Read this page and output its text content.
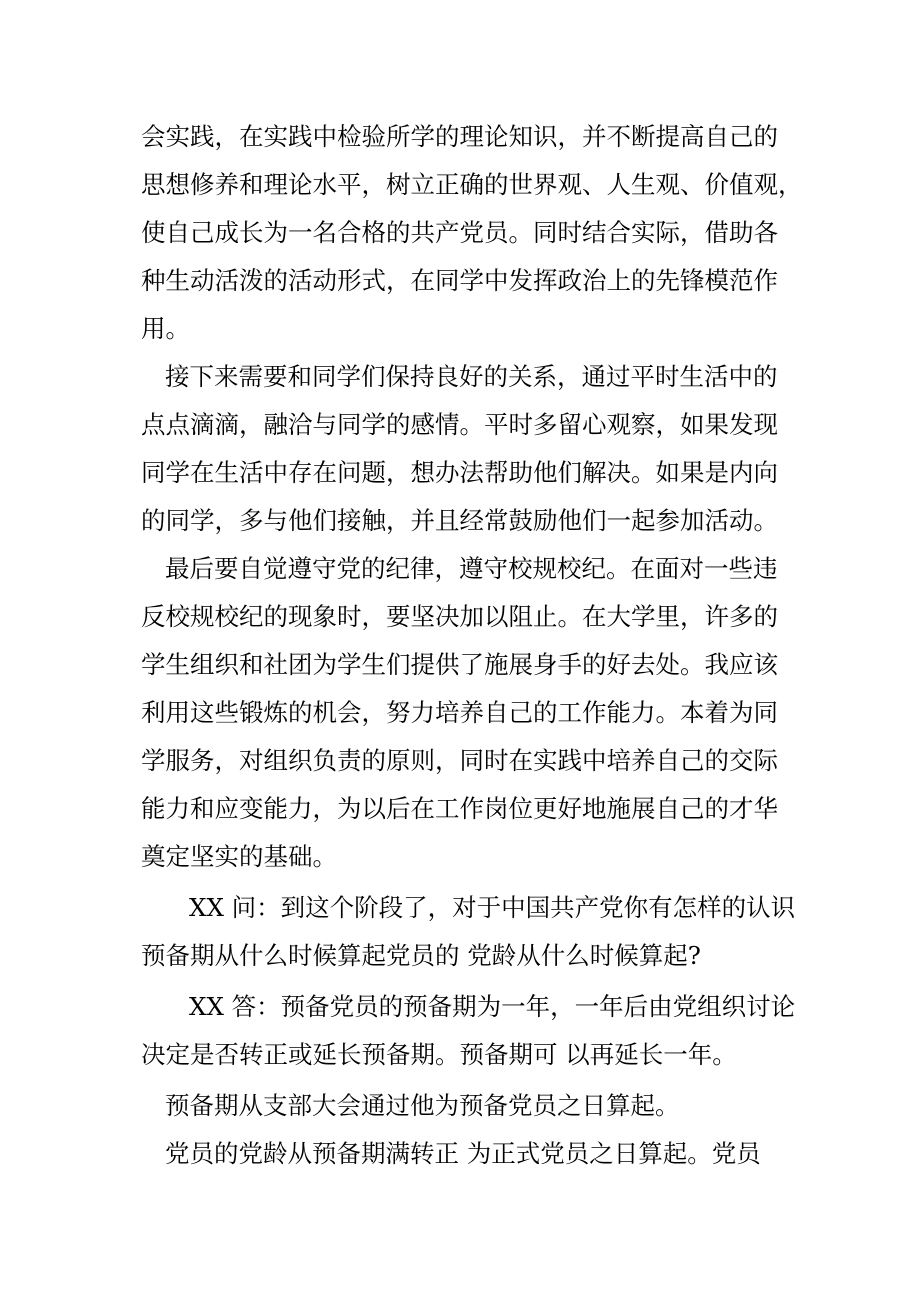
会实践，在实践中检验所学的理论知识，并不断提高自己的

思想修养和理论水平，树立正确的世界观、人生观、价值观，

使自己成长为一名合格的共产党员。同时结合实际，借助各

种生动活泼的活动形式，在同学中发挥政治上的先锋模范作

用。

接下来需要和同学们保持良好的关系，通过平时生活中的

点点滴滴，融洽与同学的感情。平时多留心观察，如果发现

同学在生活中存在问题，想办法帮助他们解决。如果是内向

的同学，多与他们接触，并且经常鼓励他们一起参加活动。

最后要自觉遵守党的纪律，遵守校规校纪。在面对一些违

反校规校纪的现象时，要坚决加以阻止。在大学里，许多的

学生组织和社团为学生们提供了施展身手的好去处。我应该

利用这些锻炼的机会，努力培养自己的工作能力。本着为同

学服务，对组织负责的原则，同时在实践中培养自己的交际

能力和应变能力，为以后在工作岗位更好地施展自己的才华

奠定坚实的基础。

XX 问：到这个阶段了，对于中国共产党你有怎样的认识

预备期从什么时候算起党员的 党龄从什么时候算起?

XX 答：预备党员的预备期为一年，一年后由党组织讨论

决定是否转正或延长预备期。预备期可 以再延长一年。

预备期从支部大会通过他为预备党员之日算起。

党员的党龄从预备期满转正 为正式党员之日算起。党员
